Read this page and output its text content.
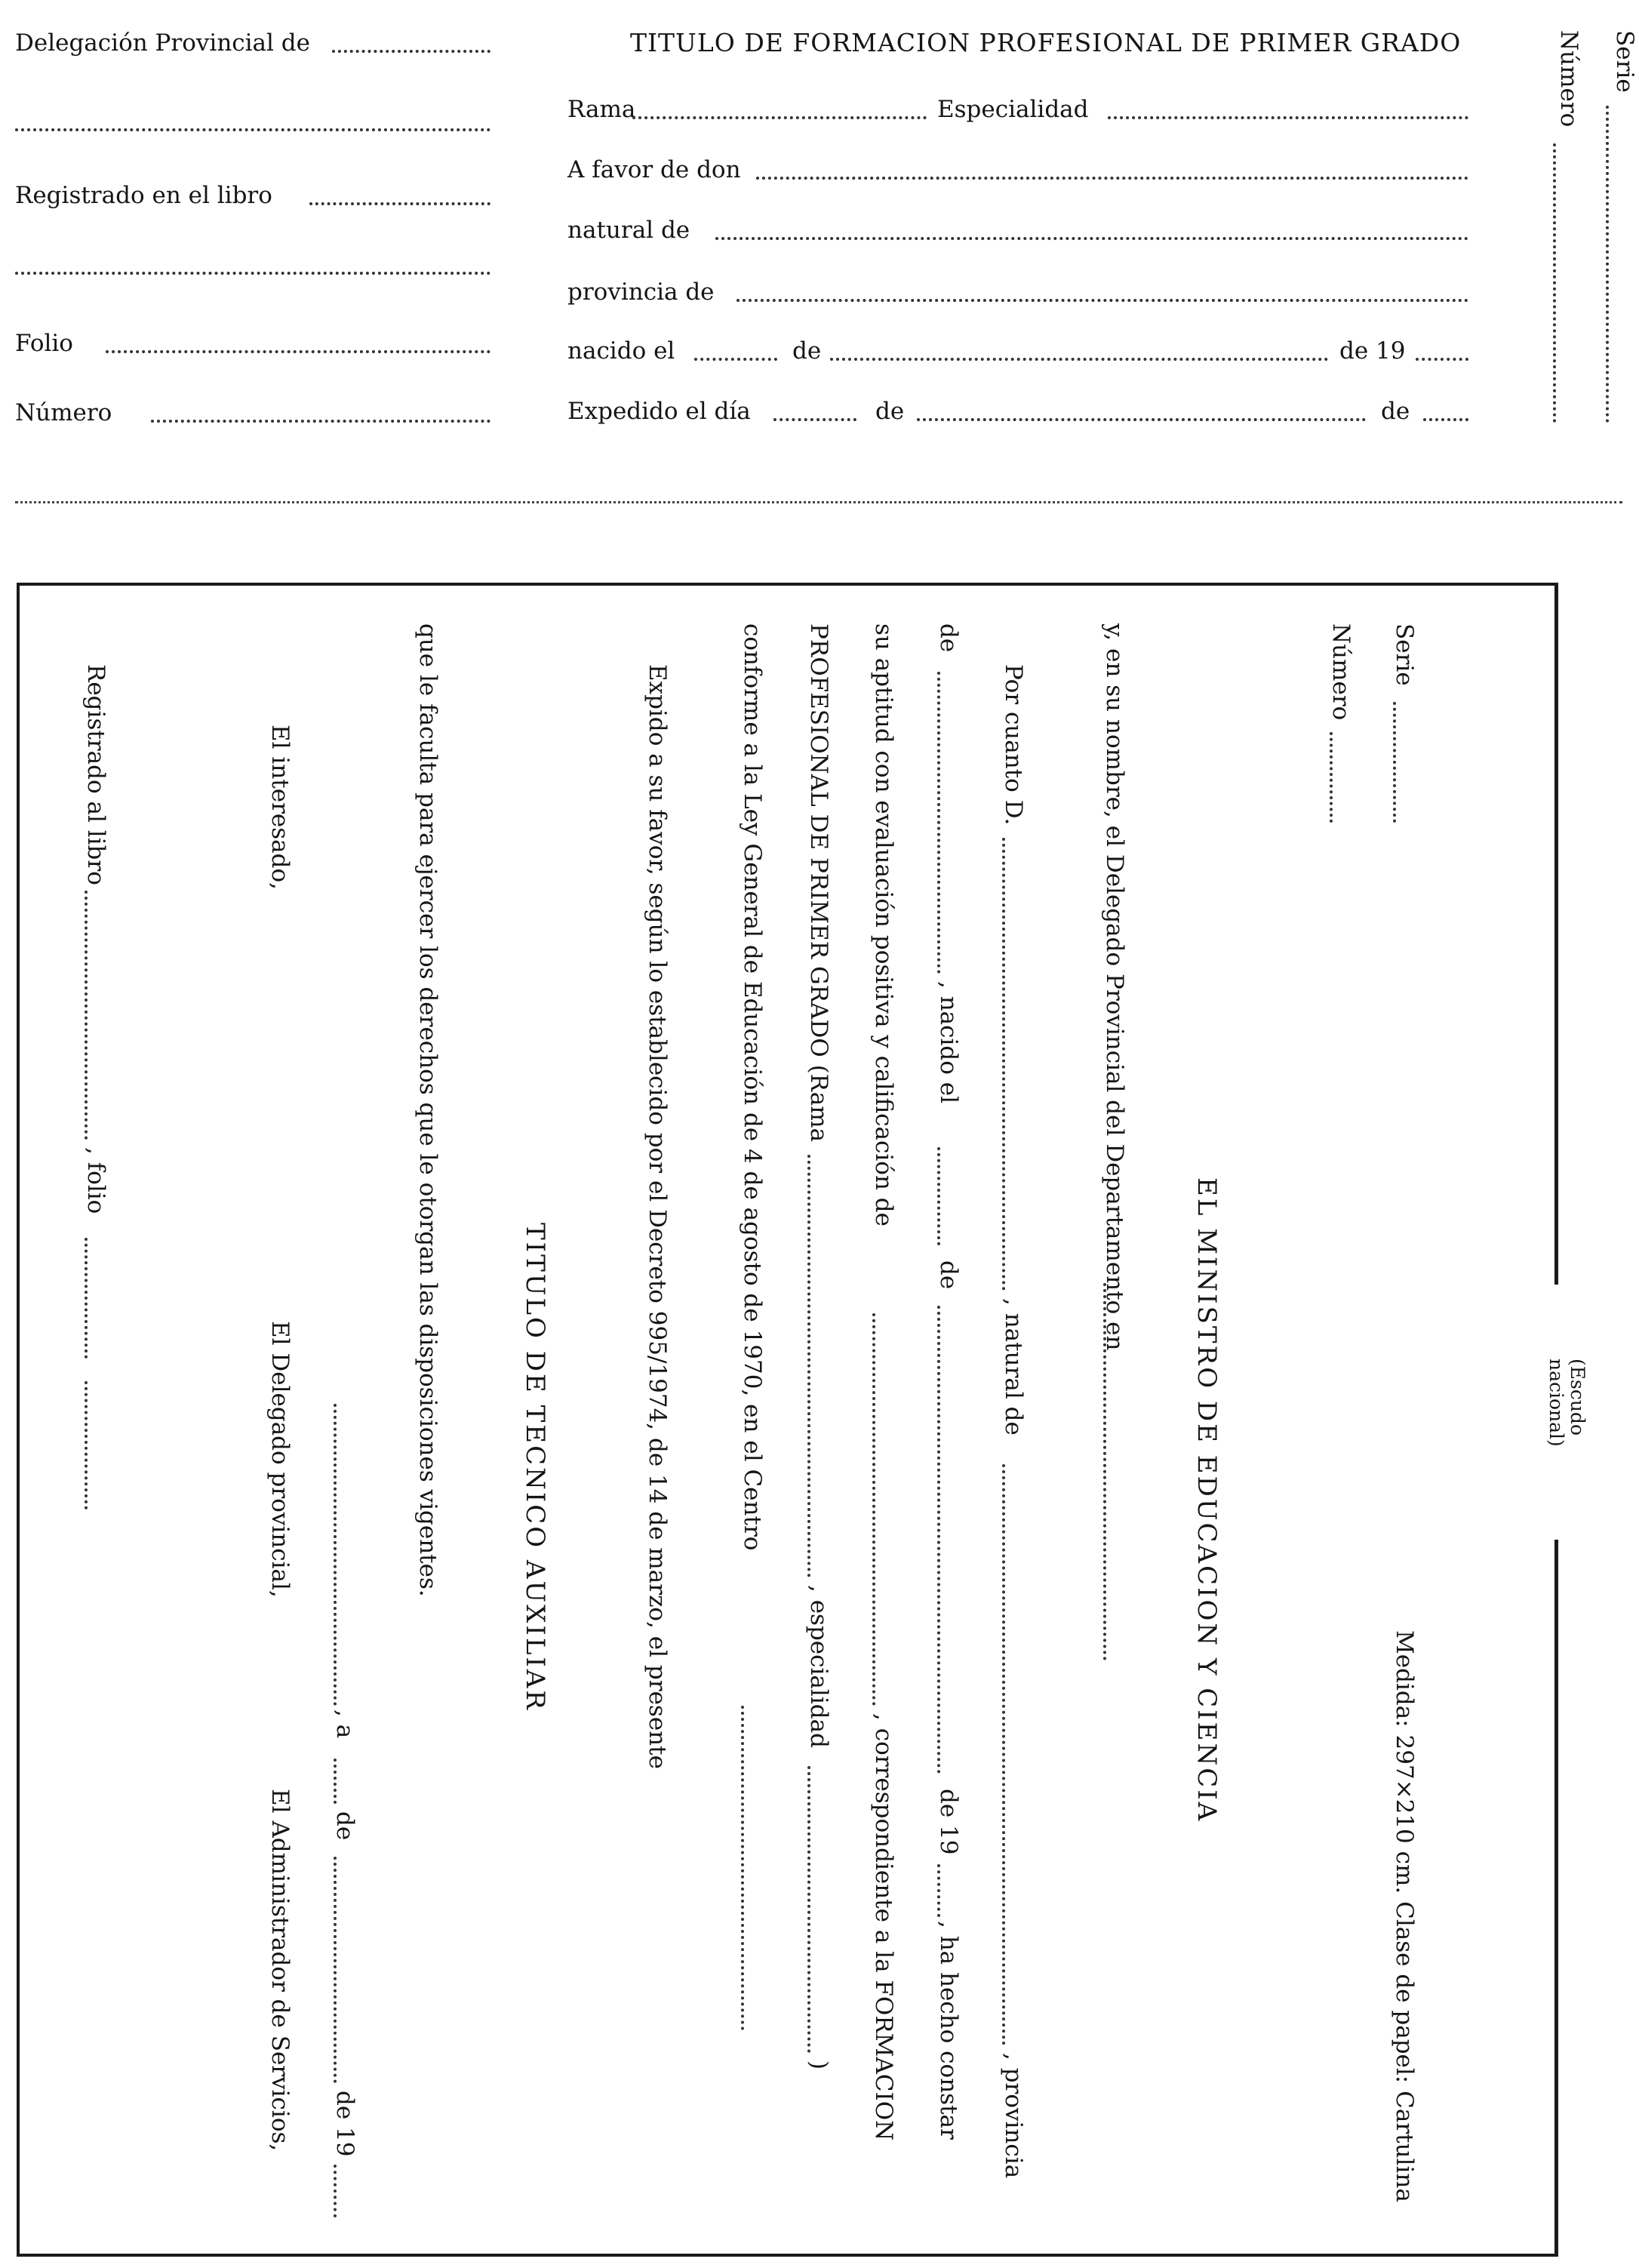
Delegación Provincial de
Registrado en el libro
Folio
Número
TITULO DE FORMACION PROFESIONAL DE PRIMER GRADO
Rama	Especialidad
A favor de don
natural de
provincia de
nacido el	de	de 19
Expedido el día	de	de
Serie
Número
(Escudo
nacional)
Serie
Número
Medida: 297×210 cm. Clase de papel: Cartulina
EL MINISTRO DE EDUCACION Y CIENCIA
y, en su nombre, el Delegado Provincial del Departamento en
Por cuanto D.
, natural de
, provincia
de
, nacido el
de
de 19
, ha hecho constar
su aptitud con evaluación positiva y calificación de
, correspondiente a la FORMACION
PROFESIONAL DE PRIMER GRADO (Rama
, especialidad
)
conforme a la Ley General de Educación de 4 de agosto de 1970, en el Centro
Expido a su favor, según lo establecido por el Decreto 995/1974, de 14 de marzo, el presente
TITULO DE TECNICO AUXILIAR
que le faculta para ejercer los derechos que le otorgan las disposiciones vigentes.
, a
de
de 19
El interesado,
El Delegado provincial,
El Administrador de Servicios,
Registrado al libro
, folio
